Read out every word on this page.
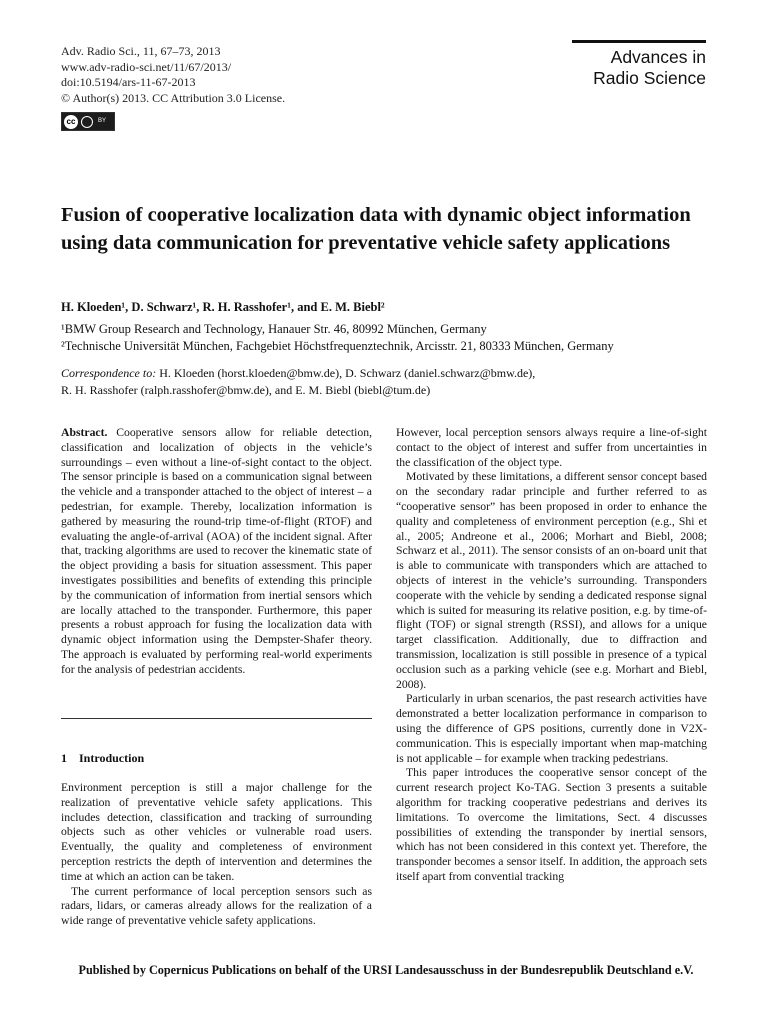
Adv. Radio Sci., 11, 67–73, 2013
www.adv-radio-sci.net/11/67/2013/
doi:10.5194/ars-11-67-2013
© Author(s) 2013. CC Attribution 3.0 License.
cc	BY
Advances in
Radio Science
Fusion of cooperative localization data with dynamic object information using data communication for preventative vehicle safety applications
H. Kloeden¹, D. Schwarz¹, R. H. Rasshofer¹, and E. M. Biebl²
¹BMW Group Research and Technology, Hanauer Str. 46, 80992 München, Germany
²Technische Universität München, Fachgebiet Höchstfrequenztechnik, Arcisstr. 21, 80333 München, Germany
Correspondence to: H. Kloeden (horst.kloeden@bmw.de), D. Schwarz (daniel.schwarz@bmw.de),
R. H. Rasshofer (ralph.rasshofer@bmw.de), and E. M. Biebl (biebl@tum.de)

Abstract. Cooperative sensors allow for reliable detection, classification and localization of objects in the vehicle’s surroundings – even without a line-of-sight contact to the object. The sensor principle is based on a communication signal between the vehicle and a transponder attached to the object of interest – a pedestrian, for example. Thereby, localization information is gathered by measuring the round-trip time-of-flight (RTOF) and evaluating the angle-of-arrival (AOA) of the incident signal. After that, tracking algorithms are used to recover the kinematic state of the object providing a basis for situation assessment. This paper investigates possibilities and benefits of extending this principle by the communication of information from inertial sensors which are locally attached to the transponder. Furthermore, this paper presents a robust approach for fusing the localization data with dynamic object information using the Dempster-Shafer theory. The approach is evaluated by performing real-world experiments for the analysis of pedestrian accidents.

1 Introduction

Environment perception is still a major challenge for the realization of preventative vehicle safety applications. This includes detection, classification and tracking of surrounding objects such as other vehicles or vulnerable road users. Eventually, the quality and completeness of environment perception restricts the depth of intervention and determines the time at which an action can be taken.

The current performance of local perception sensors such as radars, lidars, or cameras already allows for the realization of a wide range of preventative vehicle safety applications.

However, local perception sensors always require a line-of-sight contact to the object of interest and suffer from uncertainties in the classification of the object type.

Motivated by these limitations, a different sensor concept based on the secondary radar principle and further referred to as “cooperative sensor” has been proposed in order to enhance the quality and completeness of environment perception (e.g., Shi et al., 2005; Andreone et al., 2006; Morhart and Biebl, 2008; Schwarz et al., 2011). The sensor consists of an on-board unit that is able to communicate with transponders which are attached to objects of interest in the vehicle’s surrounding. Transponders cooperate with the vehicle by sending a dedicated response signal which is suited for measuring its relative position, e.g. by time-of-flight (TOF) or signal strength (RSSI), and allows for a unique target classification. Additionally, due to diffraction and transmission, localization is still possible in presence of a typical occlusion such as a parking vehicle (see e.g. Morhart and Biebl, 2008).

Particularly in urban scenarios, the past research activities have demonstrated a better localization performance in comparison to using the difference of GPS positions, currently done in V2X-communication. This is especially important when map-matching is not applicable – for example when tracking pedestrians.

This paper introduces the cooperative sensor concept of the current research project Ko-TAG. Section 3 presents a suitable algorithm for tracking cooperative pedestrians and derives its limitations. To overcome the limitations, Sect. 4 discusses possibilities of extending the transponder by inertial sensors, which has not been considered in this context yet. Therefore, the transponder becomes a sensor itself. In addition, the approach sets itself apart from convential tracking

Published by Copernicus Publications on behalf of the URSI Landesausschuss in der Bundesrepublik Deutschland e.V.
